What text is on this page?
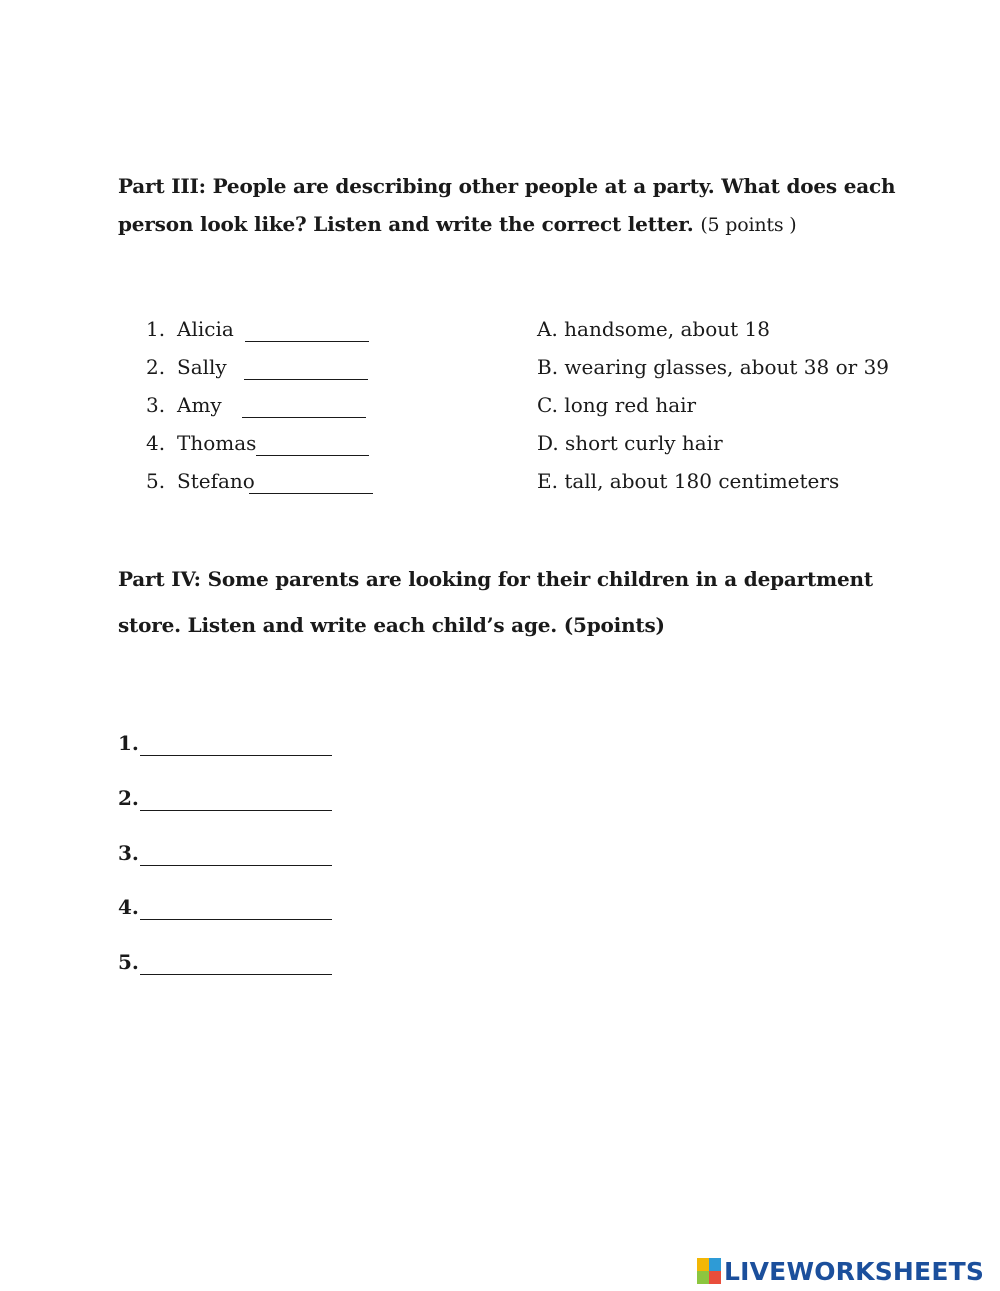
Part III: People are describing other people at a party. What does each person look like? Listen and write the correct letter. (5 points )
1. Alicia	A. handsome, about 18
2. Sally	B. wearing glasses, about 38 or 39
3. Amy	C. long red hair
4. Thomas	D. short curly hair
5. Stefano	E. tall, about 180 centimeters
Part IV: Some parents are looking for their children in a department store. Listen and write each child’s age. (5points)
1.
2.
3.
4.
5.
LIVEWORKSHEETS
